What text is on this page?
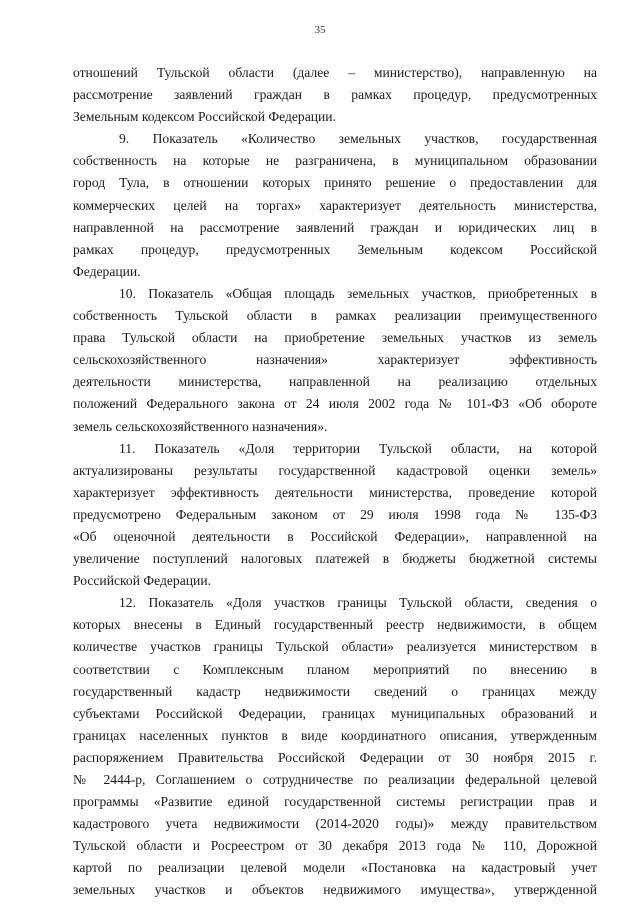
35
отношений Тульской области (далее – министерство), направленную на
рассмотрение заявлений граждан в рамках процедур, предусмотренных
Земельным кодексом Российской Федерации.
9. Показатель «Количество земельных участков, государственная
собственность на которые не разграничена, в муниципальном образовании
город Тула, в отношении которых принято решение о предоставлении для
коммерческих целей на торгах» характеризует деятельность министерства,
направленной на рассмотрение заявлений граждан и юридических лиц в
рамках процедур, предусмотренных Земельным кодексом Российской
Федерации.
10. Показатель «Общая площадь земельных участков, приобретенных в
собственность Тульской области в рамках реализации преимущественного
права Тульской области на приобретение земельных участков из земель
сельскохозяйственного назначения» характеризует эффективность
деятельности министерства, направленной на реализацию отдельных
положений Федерального закона от 24 июля 2002 года № 101-ФЗ «Об обороте
земель сельскохозяйственного назначения».
11. Показатель «Доля территории Тульской области, на которой
актуализированы результаты государственной кадастровой оценки земель»
характеризует эффективность деятельности министерства, проведение которой
предусмотрено Федеральным законом от 29 июля 1998 года № 135-ФЗ
«Об оценочной деятельности в Российской Федерации», направленной на
увеличение поступлений налоговых платежей в бюджеты бюджетной системы
Российской Федерации.
12. Показатель «Доля участков границы Тульской области, сведения о
которых внесены в Единый государственный реестр недвижимости, в общем
количестве участков границы Тульской области» реализуется министерством в
соответствии с Комплексным планом мероприятий по внесению в
государственный кадастр недвижимости сведений о границах между
субъектами Российской Федерации, границах муниципальных образований и
границах населенных пунктов в виде координатного описания, утвержденным
распоряжением Правительства Российской Федерации от 30 ноября 2015 г.
№ 2444-р, Соглашением о сотрудничестве по реализации федеральной целевой
программы «Развитие единой государственной системы регистрации прав и
кадастрового учета недвижимости (2014-2020 годы)» между правительством
Тульской области и Росреестром от 30 декабря 2013 года № 110, Дорожной
картой по реализации целевой модели «Постановка на кадастровый учет
земельных участков и объектов недвижимого имущества», утвержденной
